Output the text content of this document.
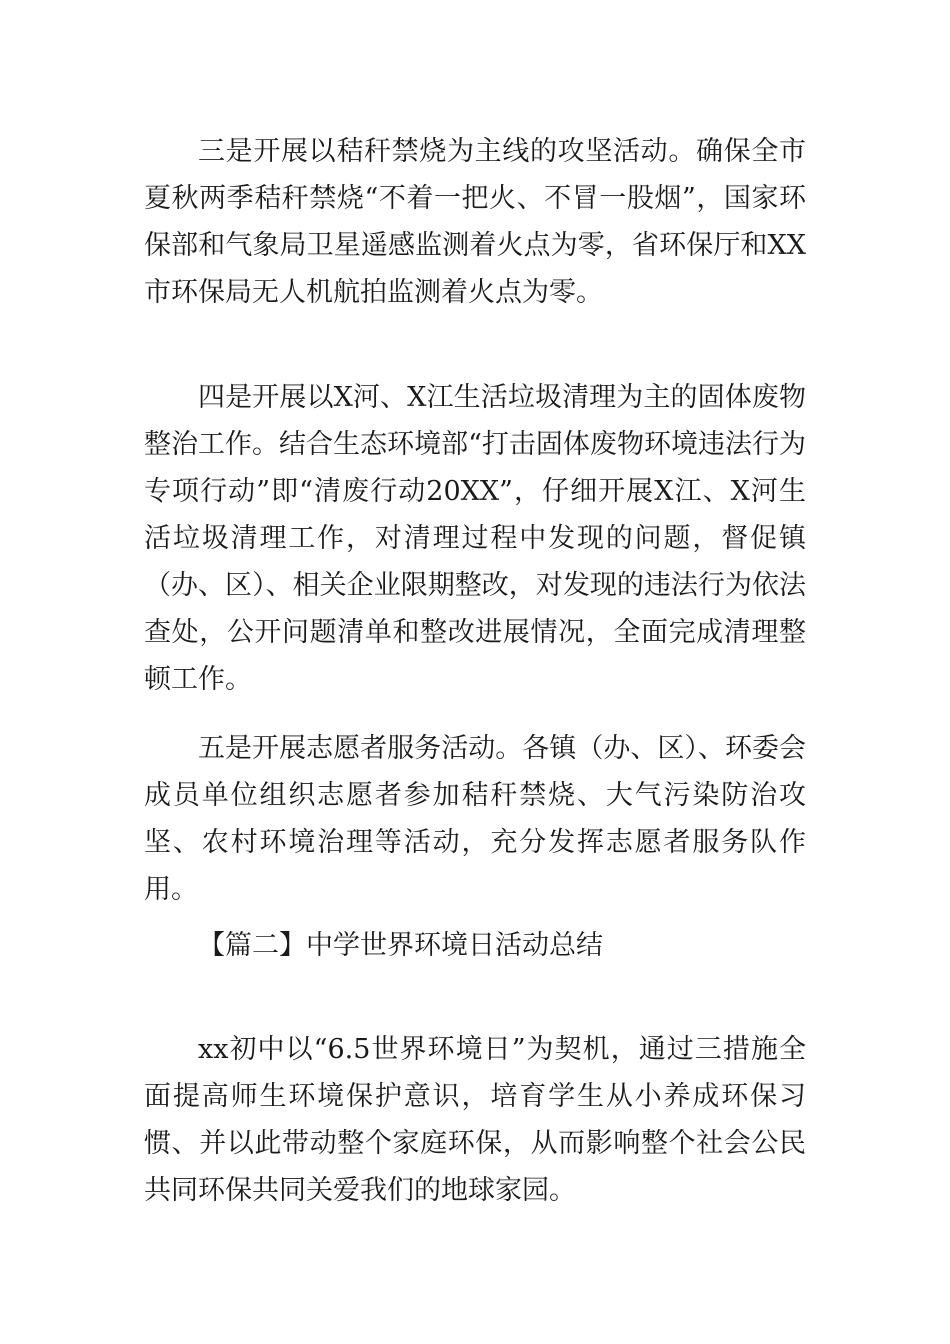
三是开展以秸秆禁烧为主线的攻坚活动。确保全市夏秋两季秸秆禁烧“不着一把火、不冒一股烟”，国家环保部和气象局卫星遥感监测着火点为零，省环保厅和XX市环保局无人机航拍监测着火点为零。

四是开展以X河、X江生活垃圾清理为主的固体废物整治工作。结合生态环境部“打击固体废物环境违法行为专项行动”即“清废行动20XX”，仔细开展X江、X河生活垃圾清理工作，对清理过程中发现的问题，督促镇（办、区）、相关企业限期整改，对发现的违法行为依法查处，公开问题清单和整改进展情况，全面完成清理整顿工作。

五是开展志愿者服务活动。各镇（办、区）、环委会成员单位组织志愿者参加秸秆禁烧、大气污染防治攻坚、农村环境治理等活动，充分发挥志愿者服务队作用。

【篇二】中学世界环境日活动总结

xx初中以“6.5世界环境日”为契机，通过三措施全面提高师生环境保护意识，培育学生从小养成环保习惯、并以此带动整个家庭环保，从而影响整个社会公民共同环保共同关爱我们的地球家园。
